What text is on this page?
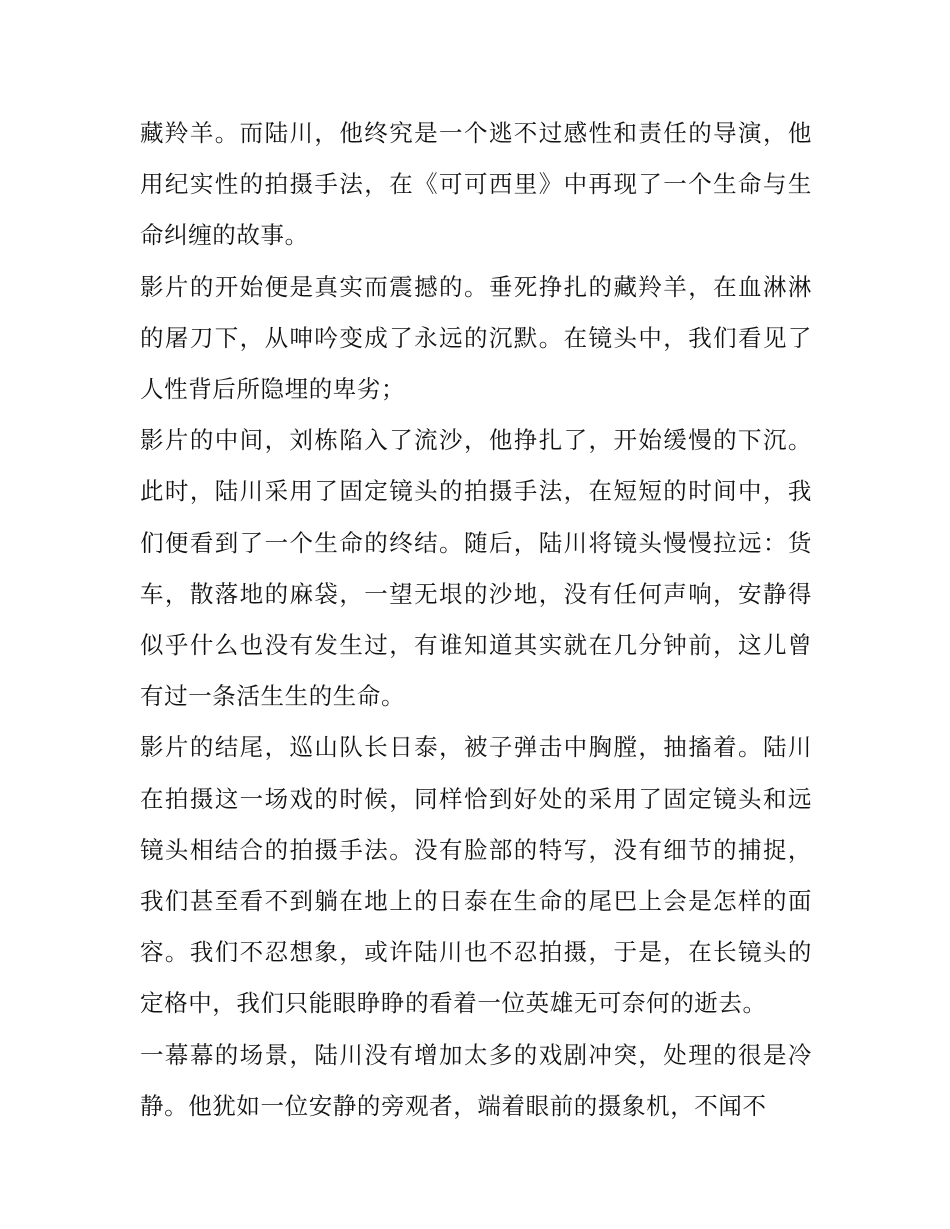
藏羚羊。而陆川，他终究是一个逃不过感性和责任的导演，他用纪实性的拍摄手法，在《可可西里》中再现了一个生命与生命纠缠的故事。

影片的开始便是真实而震撼的。垂死挣扎的藏羚羊，在血淋淋的屠刀下，从呻吟变成了永远的沉默。在镜头中，我们看见了人性背后所隐埋的卑劣；

影片的中间，刘栋陷入了流沙，他挣扎了，开始缓慢的下沉。此时，陆川采用了固定镜头的拍摄手法，在短短的时间中，我们便看到了一个生命的终结。随后，陆川将镜头慢慢拉远：货车，散落地的麻袋，一望无垠的沙地，没有任何声响，安静得似乎什么也没有发生过，有谁知道其实就在几分钟前，这儿曾有过一条活生生的生命。

影片的结尾，巡山队长日泰，被子弹击中胸膛，抽搐着。陆川在拍摄这一场戏的时候，同样恰到好处的采用了固定镜头和远镜头相结合的拍摄手法。没有脸部的特写，没有细节的捕捉，我们甚至看不到躺在地上的日泰在生命的尾巴上会是怎样的面容。我们不忍想象，或许陆川也不忍拍摄，于是，在长镜头的定格中，我们只能眼睁睁的看着一位英雄无可奈何的逝去。

一幕幕的场景，陆川没有增加太多的戏剧冲突，处理的很是冷静。他犹如一位安静的旁观者，端着眼前的摄象机，不闻不
